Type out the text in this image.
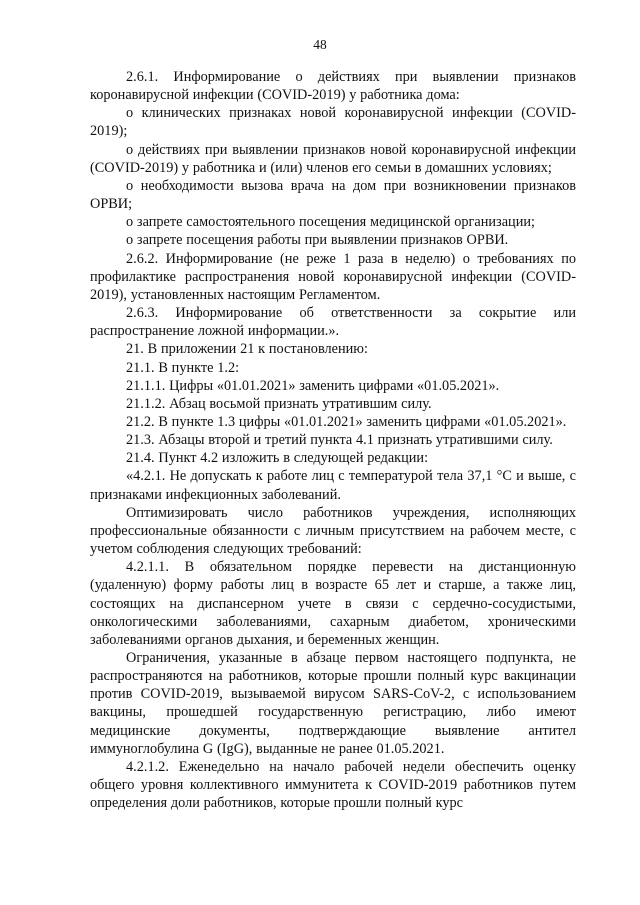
48

2.6.1. Информирование о действиях при выявлении признаков коронавирусной инфекции (COVID-2019) у работника дома:

о клинических признаках новой коронавирусной инфекции (COVID-2019);

о действиях при выявлении признаков новой коронавирусной инфекции (COVID-2019) у работника и (или) членов его семьи в домашних условиях;

о необходимости вызова врача на дом при возникновении признаков ОРВИ;

о запрете самостоятельного посещения медицинской организации;

о запрете посещения работы при выявлении признаков ОРВИ.

2.6.2. Информирование (не реже 1 раза в неделю) о требованиях по профилактике распространения новой коронавирусной инфекции (COVID-2019), установленных настоящим Регламентом.

2.6.3. Информирование об ответственности за сокрытие или распространение ложной информации.».

21. В приложении 21 к постановлению:

21.1. В пункте 1.2:

21.1.1. Цифры «01.01.2021» заменить цифрами «01.05.2021».

21.1.2. Абзац восьмой признать утратившим силу.

21.2. В пункте 1.3 цифры «01.01.2021» заменить цифрами «01.05.2021».

21.3. Абзацы второй и третий пункта 4.1 признать утратившими силу.

21.4. Пункт 4.2 изложить в следующей редакции:

«4.2.1. Не допускать к работе лиц с температурой тела 37,1 °С и выше, с признаками инфекционных заболеваний.

Оптимизировать число работников учреждения, исполняющих профессиональные обязанности с личным присутствием на рабочем месте, с учетом соблюдения следующих требований:

4.2.1.1. В обязательном порядке перевести на дистанционную (удаленную) форму работы лиц в возрасте 65 лет и старше, а также лиц, состоящих на диспансерном учете в связи с сердечно-сосудистыми, онкологическими заболеваниями, сахарным диабетом, хроническими заболеваниями органов дыхания, и беременных женщин.

Ограничения, указанные в абзаце первом настоящего подпункта, не распространяются на работников, которые прошли полный курс вакцинации против COVID-2019, вызываемой вирусом SARS-CoV-2, с использованием вакцины, прошедшей государственную регистрацию, либо имеют медицинские документы, подтверждающие выявление антител иммуноглобулина G (IgG), выданные не ранее 01.05.2021.

4.2.1.2. Еженедельно на начало рабочей недели обеспечить оценку общего уровня коллективного иммунитета к COVID-2019 работников путем определения доли работников, которые прошли полный курс
